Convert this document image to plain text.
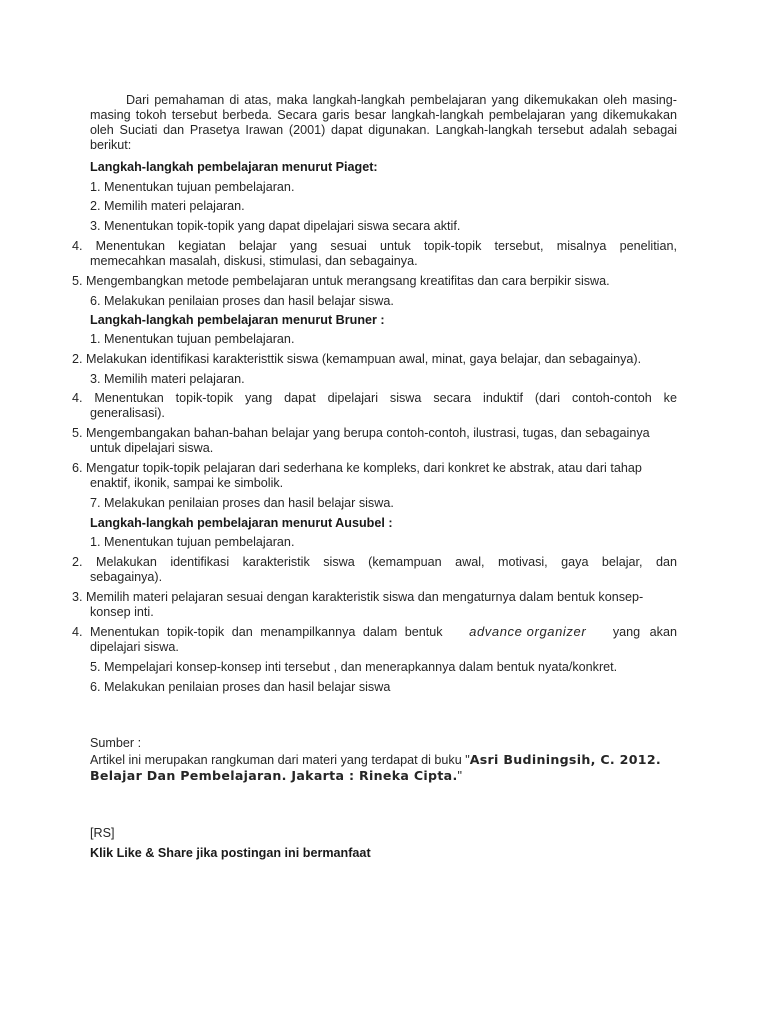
Dari pemahaman di atas, maka langkah-langkah pembelajaran yang dikemukakan oleh masing-masing tokoh tersebut berbeda. Secara garis besar langkah-langkah pembelajaran yang dikemukakan oleh Suciati dan Prasetya Irawan (2001) dapat digunakan. Langkah-langkah tersebut adalah sebagai berikut:
Langkah-langkah pembelajaran menurut Piaget:
1. Menentukan tujuan pembelajaran.
2. Memilih materi pelajaran.
3. Menentukan topik-topik yang dapat dipelajari siswa secara aktif.
4. Menentukan kegiatan belajar yang sesuai untuk topik-topik tersebut, misalnya penelitian,
memecahkan masalah, diskusi, stimulasi, dan sebagainya.
5. Mengembangkan metode pembelajaran untuk merangsang kreatifitas dan cara berpikir siswa.
6. Melakukan penilaian proses dan hasil belajar siswa.
Langkah-langkah pembelajaran menurut Bruner :
1. Menentukan tujuan pembelajaran.
2. Melakukan identifikasi karakteristtik siswa (kemampuan awal, minat, gaya belajar, dan sebagainya).
3. Memilih materi pelajaran.
4. Menentukan topik-topik yang dapat dipelajari siswa secara induktif (dari contoh-contoh ke
generalisasi).
5. Mengembangakan bahan-bahan belajar yang berupa contoh-contoh, ilustrasi, tugas, dan sebagainya
untuk dipelajari siswa.
6. Mengatur topik-topik pelajaran dari sederhana ke kompleks, dari konkret ke abstrak, atau dari tahap
enaktif, ikonik, sampai ke simbolik.
7. Melakukan penilaian proses dan hasil belajar siswa.
Langkah-langkah pembelajaran menurut Ausubel :
1. Menentukan tujuan pembelajaran.
2. Melakukan identifikasi karakteristik siswa (kemampuan awal, motivasi, gaya belajar, dan
sebagainya).
3. Memilih materi pelajaran sesuai dengan karakteristik siswa dan mengaturnya dalam bentuk konsep-
konsep inti.
4. Menentukan topik-topik dan menampilkannya dalam bentuk advance organizer yang akan
dipelajari siswa.
5. Mempelajari konsep-konsep inti tersebut , dan menerapkannya dalam bentuk nyata/konkret.
6. Melakukan penilaian proses dan hasil belajar siswa
Sumber :
Artikel ini merupakan rangkuman dari materi yang terdapat di buku "Asri Budiningsih, C. 2012. Belajar Dan Pembelajaran. Jakarta : Rineka Cipta."
[RS]
Klik Like & Share jika postingan ini bermanfaat
